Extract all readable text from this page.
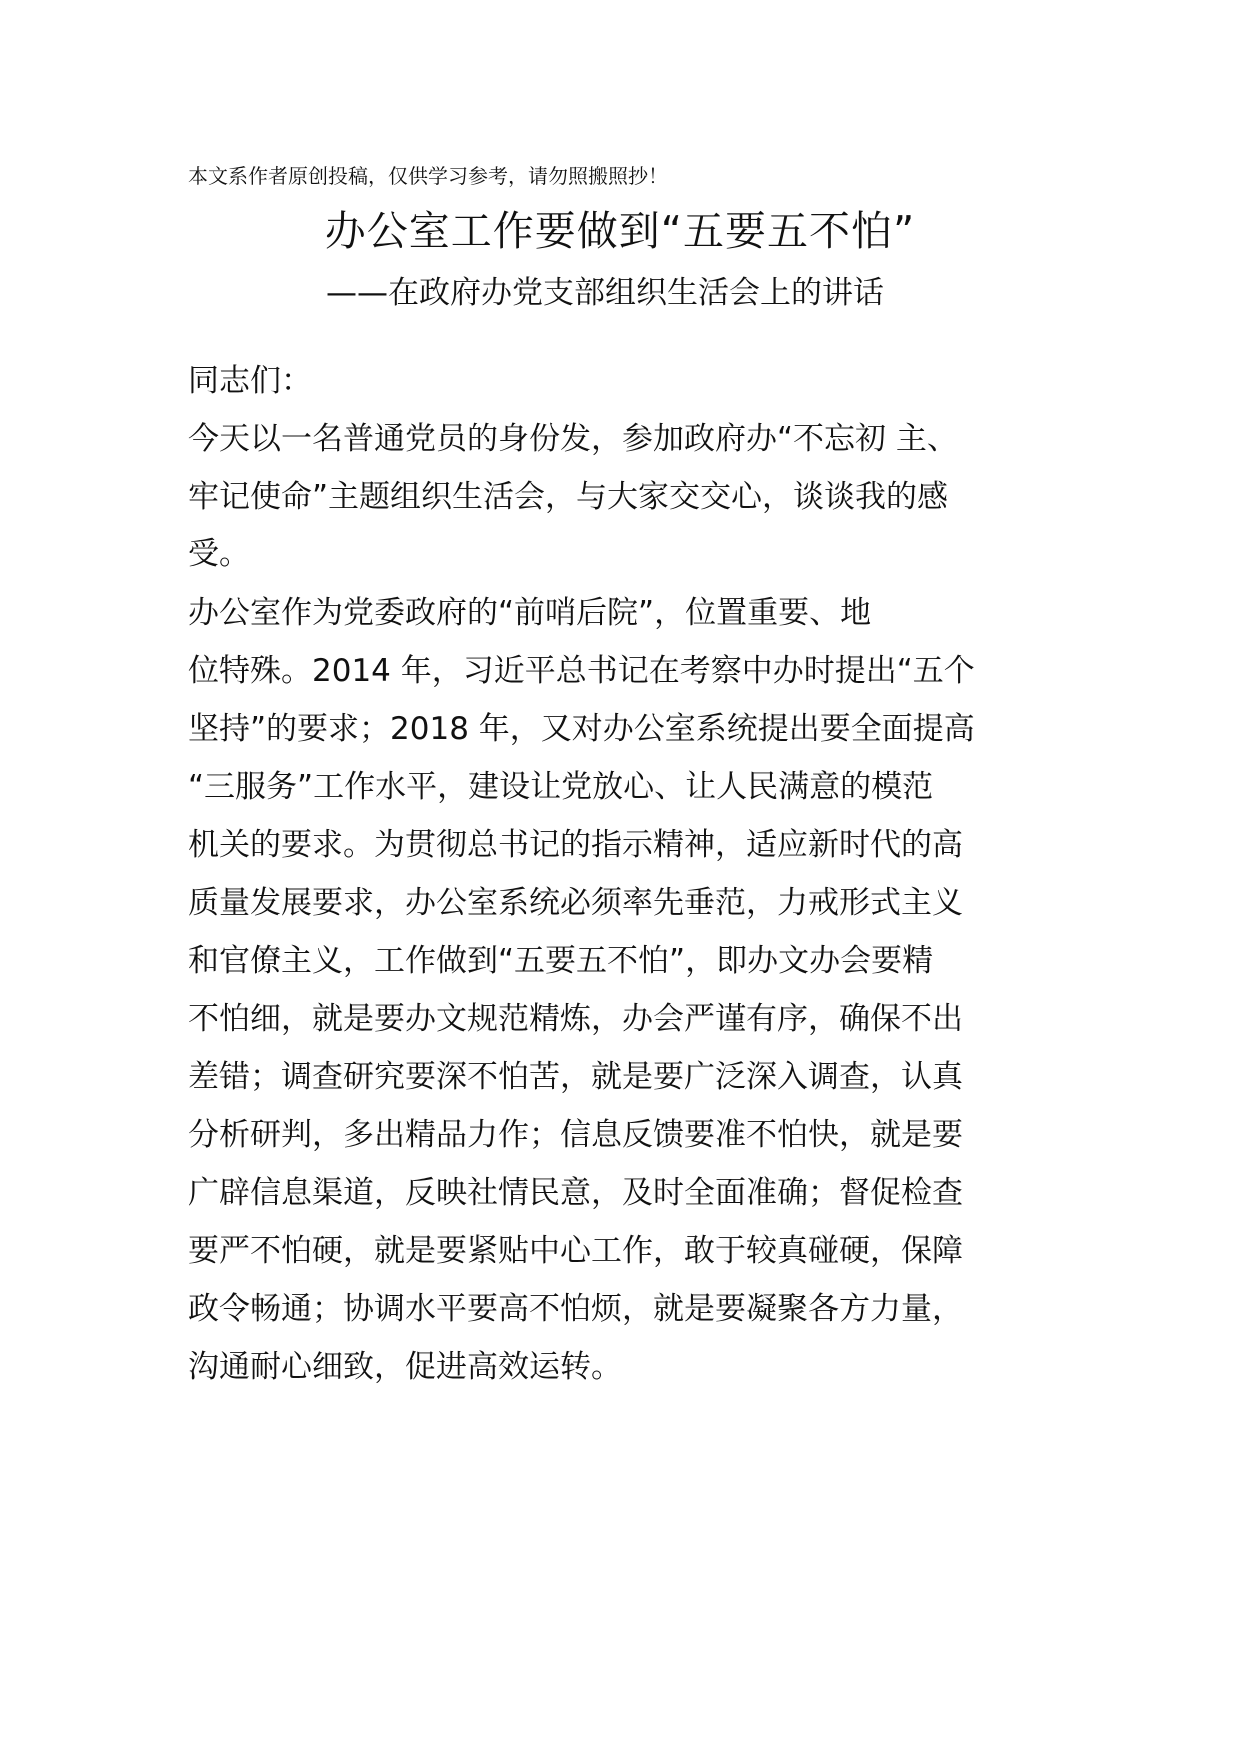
本文系作者原创投稿，仅供学习参考，请勿照搬照抄！
办公室工作要做到“五要五不怕”
——在政府办党支部组织生活会上的讲话
同志们：
今天以一名普通党员的身份发，参加政府办“不忘初 主、
牢记使命”主题组织生活会，与大家交交心，谈谈我的感
受。
办公室作为党委政府的“前哨后院”，位置重要、地
位特殊。2014 年，习近平总书记在考察中办时提出“五个
坚持”的要求；2018 年，又对办公室系统提出要全面提高
“三服务”工作水平，建设让党放心、让人民满意的模范
机关的要求。为贯彻总书记的指示精神，适应新时代的高
质量发展要求，办公室系统必须率先垂范，力戒形式主义
和官僚主义，工作做到“五要五不怕”，即办文办会要精
不怕细，就是要办文规范精炼，办会严谨有序，确保不出
差错；调查研究要深不怕苦，就是要广泛深入调查，认真
分析研判，多出精品力作；信息反馈要准不怕快，就是要
广辟信息渠道，反映社情民意，及时全面准确；督促检查
要严不怕硬，就是要紧贴中心工作，敢于较真碰硬，保障
政令畅通；协调水平要高不怕烦，就是要凝聚各方力量，
沟通耐心细致，促进高效运转。
